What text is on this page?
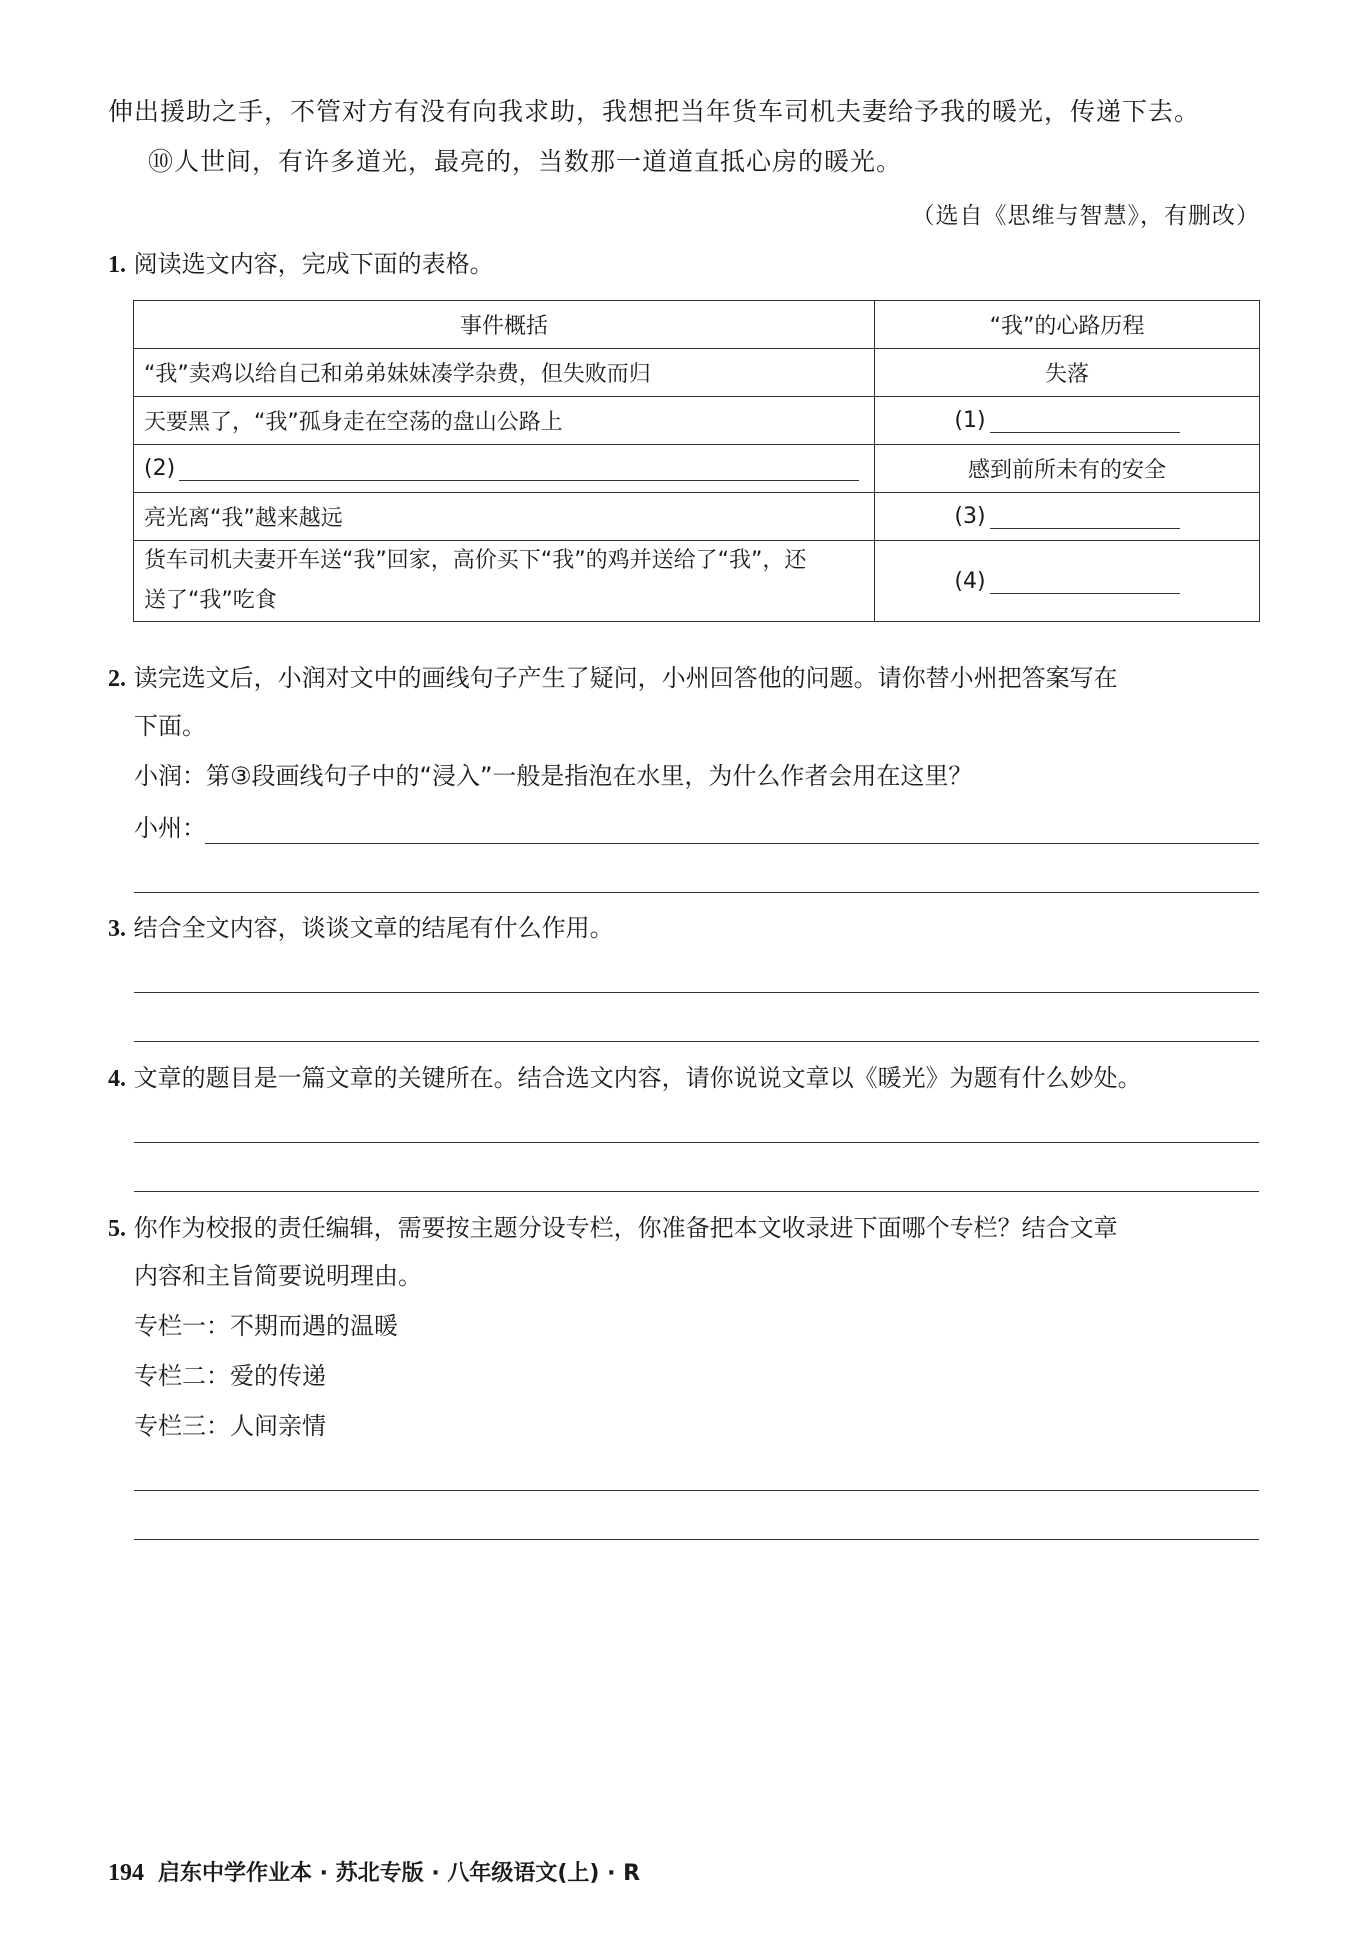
伸出援助之手，不管对方有没有向我求助，我想把当年货车司机夫妻给予我的暖光，传递下去。
⑩人世间，有许多道光，最亮的，当数那一道道直抵心房的暖光。
（选自《思维与智慧》，有删改）
1. 阅读选文内容，完成下面的表格。
事件概括	“我”的心路历程
“我”卖鸡以给自己和弟弟妹妹凑学杂费，但失败而归	失落
天要黑了，“我”孤身走在空荡的盘山公路上	(1)
(2)	感到前所未有的安全
亮光离“我”越来越远	(3)

货车司机夫妻开车送“我”回家，高价买下“我”的鸡并送给了“我”，还
送了“我”吃食	(4)
2. 读完选文后，小润对文中的画线句子产生了疑问，小州回答他的问题。请你替小州把答案写在
下面。
小润：第③段画线句子中的“浸入”一般是指泡在水里，为什么作者会用在这里？
小州：
3. 结合全文内容，谈谈文章的结尾有什么作用。
4. 文章的题目是一篇文章的关键所在。结合选文内容，请你说说文章以《暖光》为题有什么妙处。
5. 你作为校报的责任编辑，需要按主题分设专栏，你准备把本文收录进下面哪个专栏？结合文章
内容和主旨简要说明理由。
专栏一：不期而遇的温暖
专栏二：爱的传递
专栏三：人间亲情
194 启东中学作业本 · 苏北专版 · 八年级语文(上) · R
